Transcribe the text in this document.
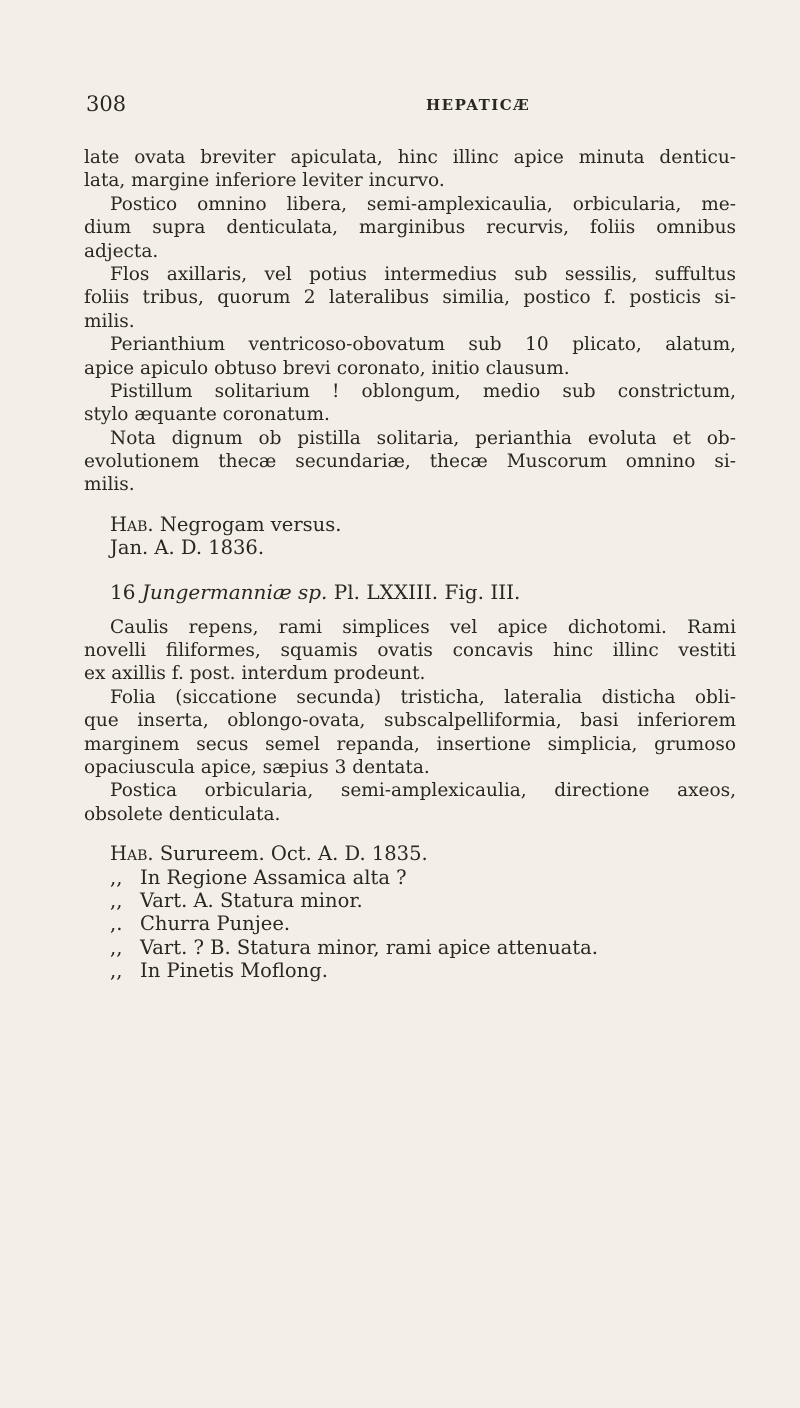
308	HEPATICÆ
late ovata breviter apiculata, hinc illinc apice minuta denticu-
lata, margine inferiore leviter incurvo.
Postico omnino libera, semi-amplexicaulia, orbicularia, me-
dium supra denticulata, marginibus recurvis, foliis omnibus
adjecta.
Flos axillaris, vel potius intermedius sub sessilis, suffultus
foliis tribus, quorum 2 lateralibus similia, postico f. posticis si-
milis.
Perianthium ventricoso-obovatum sub 10 plicato, alatum,
apice apiculo obtuso brevi coronato, initio clausum.
Pistillum solitarium ! oblongum, medio sub constrictum,
stylo æquante coronatum.
Nota dignum ob pistilla solitaria, perianthia evoluta et ob-
evolutionem thecæ secundariæ, thecæ Muscorum omnino si-
milis.
Hab. Negrogam versus.
Jan. A. D. 1836.
16 Jungermanniæ sp. Pl. LXXIII. Fig. III.
Caulis repens, rami simplices vel apice dichotomi. Rami
novelli filiformes, squamis ovatis concavis hinc illinc vestiti
ex axillis f. post. interdum prodeunt.
Folia (siccatione secunda) tristicha, lateralia disticha obli-
que inserta, oblongo-ovata, subscalpelliformia, basi inferiorem
marginem secus semel repanda, insertione simplicia, grumoso
opaciuscula apice, sæpius 3 dentata.
Postica orbicularia, semi-amplexicaulia, directione axeos,
obsolete denticulata.
Hab. Surureem. Oct. A. D. 1835.
,, In Regione Assamica alta ?
,, Vart. A. Statura minor.
,. Churra Punjee.
,, Vart. ? B. Statura minor, rami apice attenuata.
,, In Pinetis Moflong.
